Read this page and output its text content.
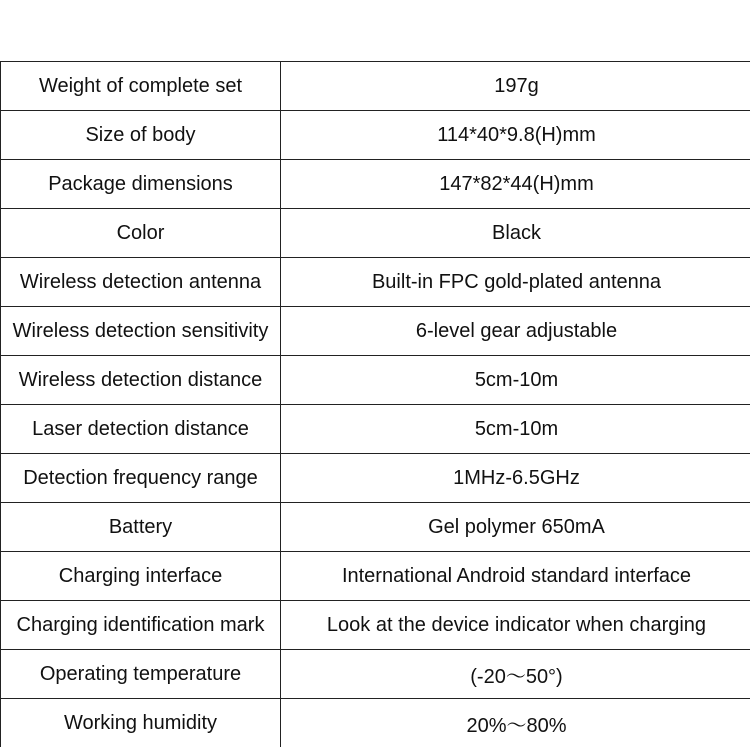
Weight of complete set	197g
Size of body	114*40*9.8(H)mm
Package dimensions	147*82*44(H)mm
Color	Black
Wireless detection antenna	Built-in FPC gold-plated antenna
Wireless detection sensitivity	6-level gear adjustable
Wireless detection distance	5cm-10m
Laser detection distance	5cm-10m
Detection frequency range	1MHz-6.5GHz
Battery	Gel polymer 650mA
Charging interface	International Android standard interface
Charging identification mark	Look at the device indicator when charging
Operating temperature	(-20～50°)
Working humidity	20%～80%
